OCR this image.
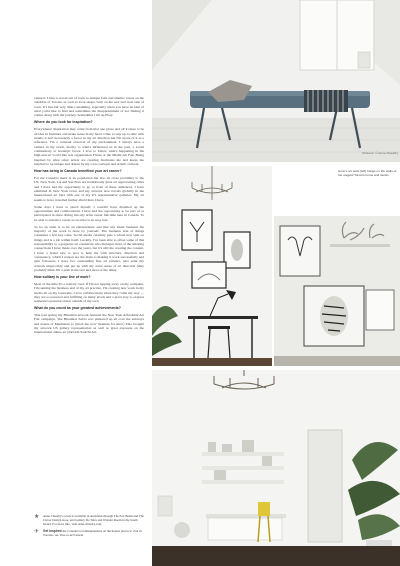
venue it. I like to travel out of town to antique fairs and smaller towns on the outskirts of Toronto as well as local shops, both on the east and west side of town. It's fun but very time-consuming, especially when you have an idea of what you'd like to find and sometimes the disappointment of not finding it comes along with the journey. Sometimes I hit up Ebay.

Where do you look for inspiration?

Everywhere! Inspiration may come from that one glove and all it takes to be an idea in furniture and make sense in my head. I like to stay up-to-date with trends; it isn't necessarily a factor in my art direction but I'm aware of it as a reference. I'm a constant observer of my environment. I always have a camera in my reach, mostly to what's influenced us in the past, a social commentary or nostalgic factor. I love to follow what's happening in the high-end art world like arts organization Frieze or the Miami Art Fair. Being inspired by what other artists are creating fascinates me and keeps me inspired to be unique and driven by my own concepts and artistic outlook.

How has being in Canada benefited your art career?

For me Canada's merit is its population but also its close proximity to the US. New York, LA and San Fran are traditionally great art appreciating cities and I have had the opportunity to go to front of these audiences. I have exhibited in New York twice and my artwork now travels globally in the international art fairs with one of my US representative galleries. My art seems to have travelled further afield than I have.

Some days I have to pinch myself. I couldn't have dreamed up the opportunities and collaborations I have had the opportunity to be part of or participated in since diving into my artist career full-time here in Canada. To be able to sustain a career as an artist is an easy feat.

To be an artist is to be an entrepreneur, and like any small business the majority of the work is done by yourself. The business side of things consumes a few key roles. Social media certainly puts a whole new spin on things and is a job within itself. Luckily, I've been able to offset some of this responsibility to a gorgeous art consultant who manages most of the amazing connections I have made over the years, but it's still me creating the content. I have a brand new to post it, help me with structure, direction and consistency, which I reckon are the main to making it work successfully and gain followers. I have two outstanding fine art printers, who print my artwork impeccably and put up with my acute sense of art direction (they probably think I'm a pain in the rear end most of the time).

How solitary is your line of work?

Most of the time it's a solitary road. If I'm not tapping away on my computer, I'm running the business end of my art practice. I'm creating new work in my studio all on my lonesome. I love collaborations when they come my way — they are so personal and fulfilling on many levels and a great way to express someone's personal vision outside of my own.

What do you count as your greatest achievements?

This past spring my Binomial artwork featured the New York Affordable Art Fair campaign. The Binomial Zebra was plastered up all over the subways and streets of Manhattan (a 'pinch me now' moment for sure!) This brought my artwork US gallery representation as well as great exposure on the international online art platform Saatchi Art.

★ Anne Chaudry's work is available in Auckland through The Fox Beam and The Clever Design store, and Gallery Do Tetra and Wonder Room in the South Island. For more info, visit anne-chaudry.com
✈	Get Inspired Air Canada's recommendations on the hottest places to visit in Toronto, see Visa.co.nz/Canada
Pictures: © Anne Chaudry
Anne's art work (left) hangs on the walls of her elegant Toronto home and studio.
OCT/NOV 2015 | 71
